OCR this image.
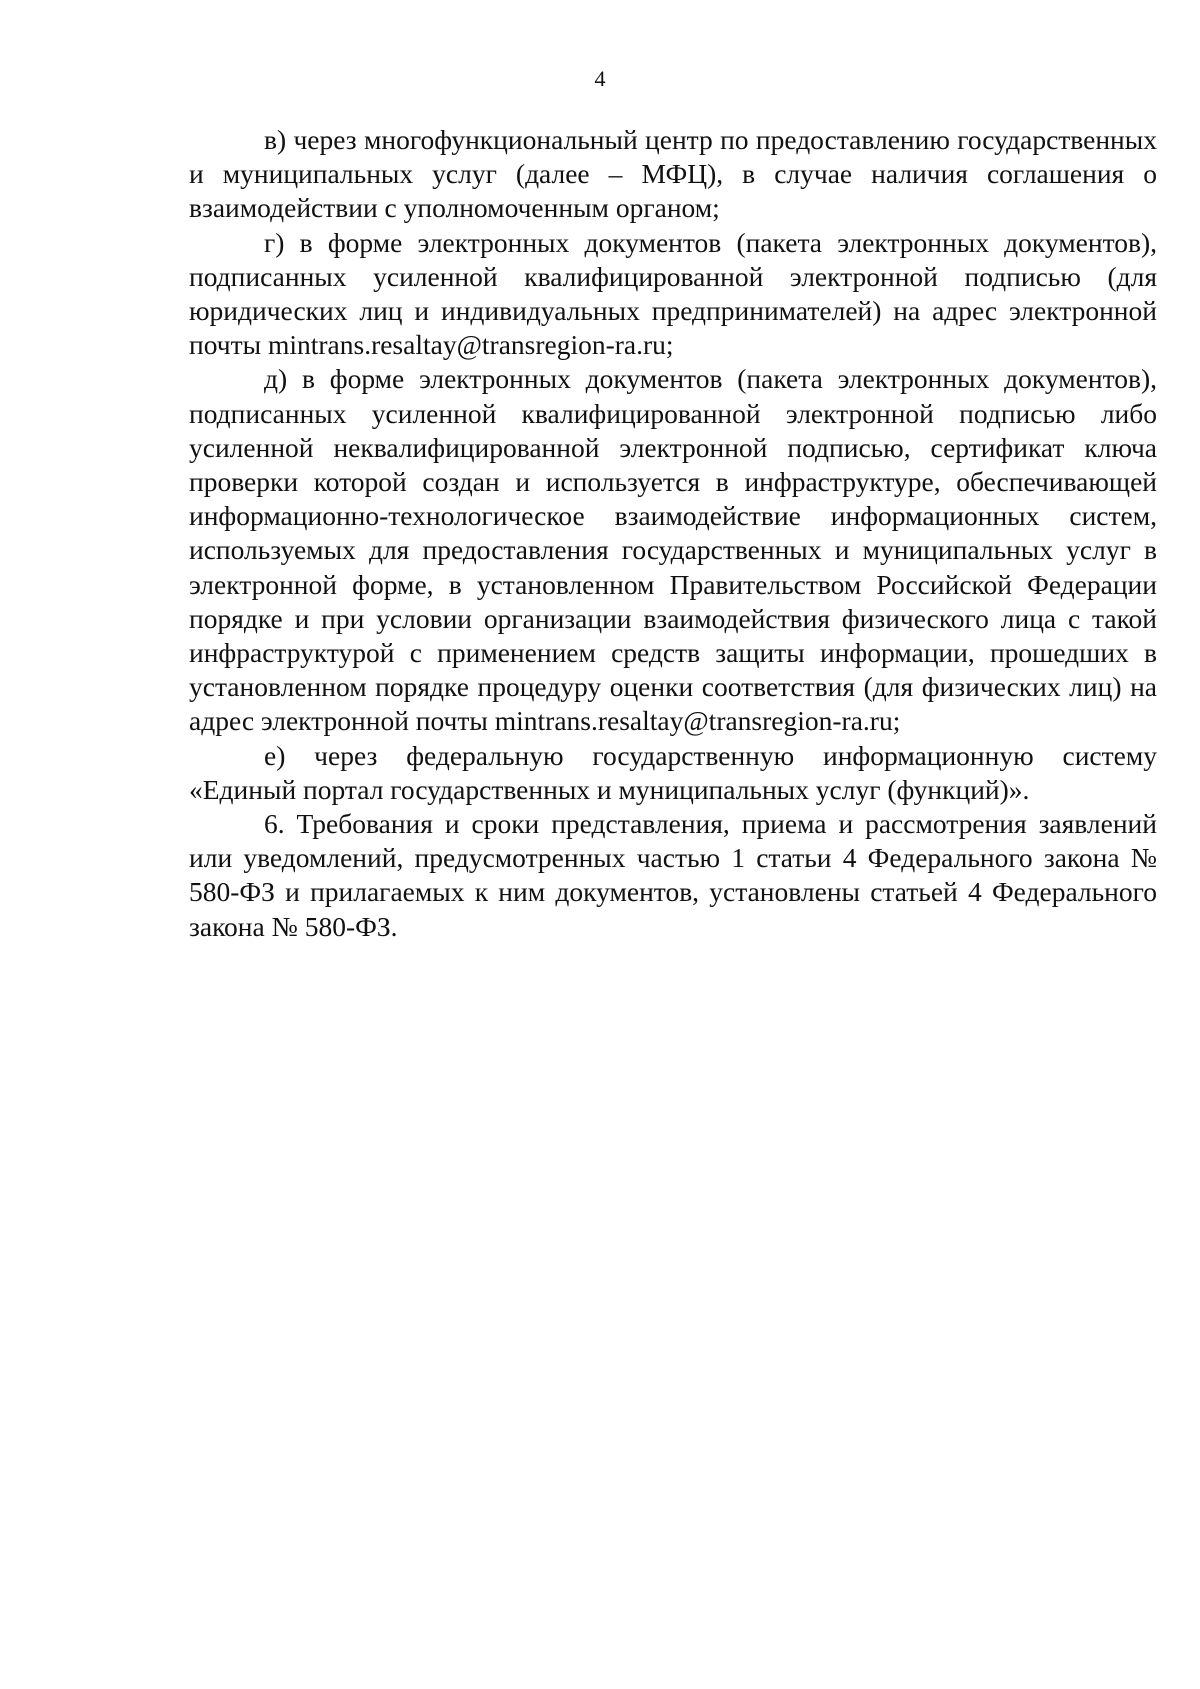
4

в) через многофункциональный центр по предоставлению государственных и муниципальных услуг (далее – МФЦ), в случае наличия соглашения о взаимодействии с уполномоченным органом;

г) в форме электронных документов (пакета электронных документов), подписанных усиленной квалифицированной электронной подписью (для юридических лиц и индивидуальных предпринимателей) на адрес электронной почты mintrans.resaltay@transregion-ra.ru;

д) в форме электронных документов (пакета электронных документов), подписанных усиленной квалифицированной электронной подписью либо усиленной неквалифицированной электронной подписью, сертификат ключа проверки которой создан и используется в инфраструктуре, обеспечивающей информационно-технологическое взаимодействие информационных систем, используемых для предоставления государственных и муниципальных услуг в электронной форме, в установленном Правительством Российской Федерации порядке и при условии организации взаимодействия физического лица с такой инфраструктурой с применением средств защиты информации, прошедших в установленном порядке процедуру оценки соответствия (для физических лиц) на адрес электронной почты mintrans.resaltay@transregion-ra.ru;

е) через федеральную государственную информационную систему «Единый портал государственных и муниципальных услуг (функций)».

6. Требования и сроки представления, приема и рассмотрения заявлений или уведомлений, предусмотренных частью 1 статьи 4 Федерального закона № 580-ФЗ и прилагаемых к ним документов, установлены статьей 4 Федерального закона № 580-ФЗ.
